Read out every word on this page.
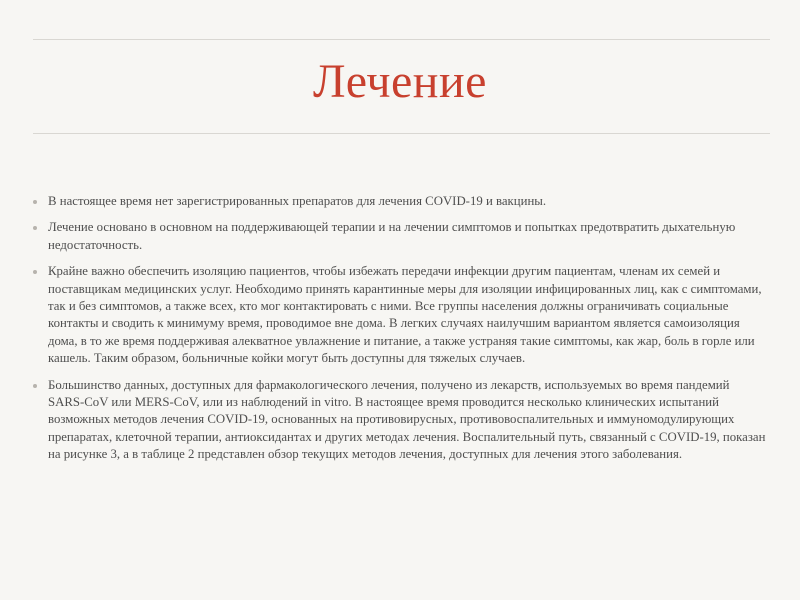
Лечение
В настоящее время нет зарегистрированных препаратов для лечения COVID-19 и вакцины.
Лечение основано в основном на поддерживающей терапии и на лечении симптомов и попытках предотвратить дыхательную недостаточность.
Крайне важно обеспечить изоляцию пациентов, чтобы избежать передачи инфекции другим пациентам, членам их семей и поставщикам медицинских услуг. Необходимо принять карантинные меры для изоляции инфицированных лиц, как с симптомами, так и без симптомов, а также всех, кто мог контактировать с ними. Все группы населения должны ограничивать социальные контакты и сводить к минимуму время, проводимое вне дома. В легких случаях наилучшим вариантом является самоизоляция дома, в то же время поддерживая алекватное увлажнение и питание, а также устраняя такие симптомы, как жар, боль в горле или кашель. Таким образом, больничные койки могут быть доступны для тяжелых случаев.
Большинство данных, доступных для фармакологического лечения, получено из лекарств, используемых во время пандемий SARS-CoV или MERS-CoV, или из наблюдений in vitro. В настоящее время проводится несколько клинических испытаний возможных методов лечения COVID-19, основанных на противовирусных, противовоспалительных и иммуномодулирующих препаратах, клеточной терапии, антиоксидантах и других методах лечения. Воспалительный путь, связанный с COVID-19, показан на рисунке 3, а в таблице 2 представлен обзор текущих методов лечения, доступных для лечения этого заболевания.
